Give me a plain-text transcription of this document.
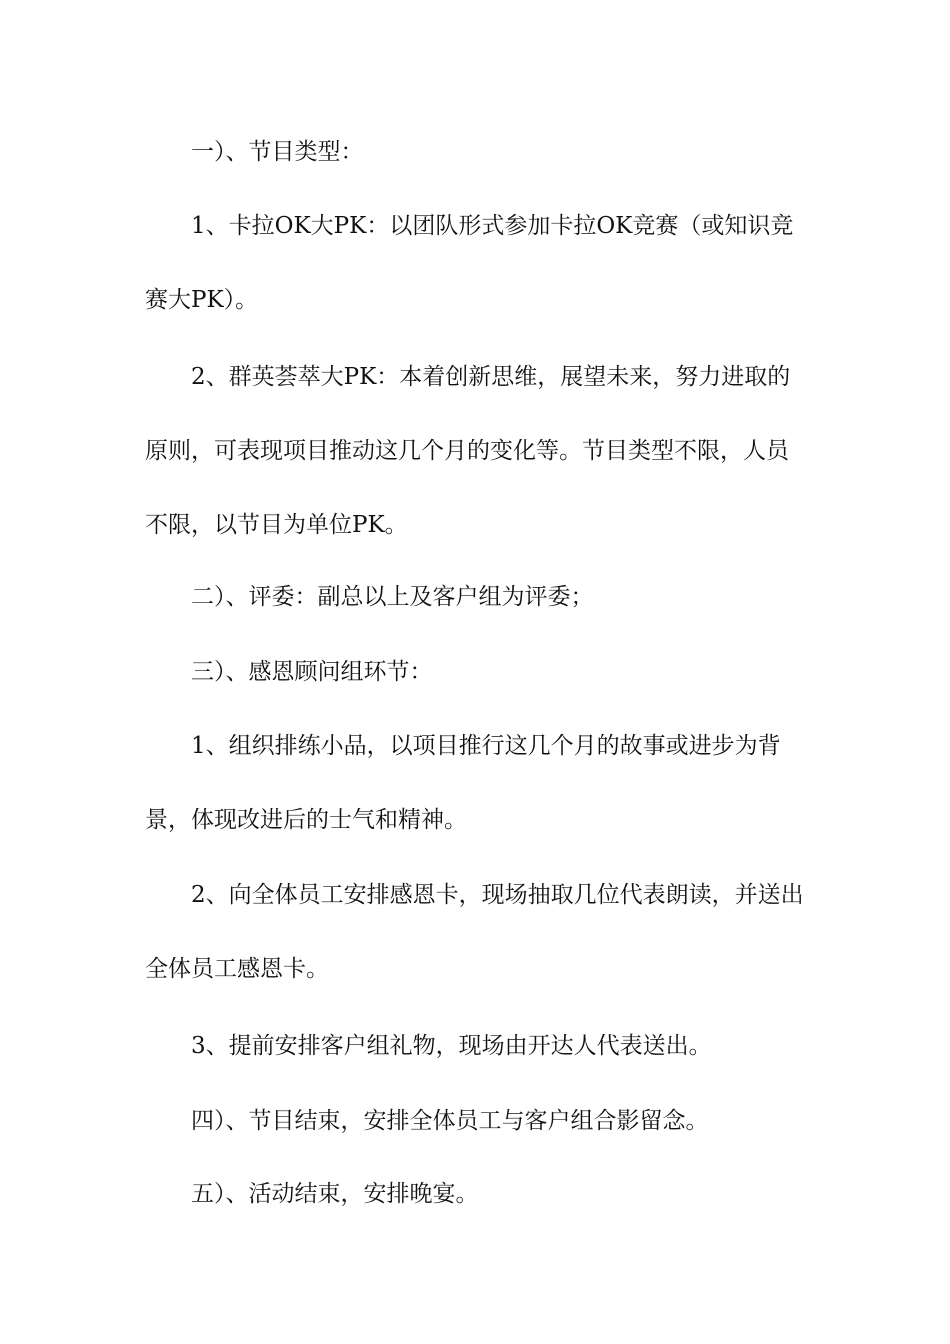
一）、节目类型：

1、卡拉OK大PK：以团队形式参加卡拉OK竞赛（或知识竞赛大PK）。

2、群英荟萃大PK：本着创新思维，展望未来，努力进取的原则，可表现项目推动这几个月的变化等。节目类型不限，人员不限，以节目为单位PK。

二）、评委：副总以上及客户组为评委；

三）、感恩顾问组环节：

1、组织排练小品，以项目推行这几个月的故事或进步为背景，体现改进后的士气和精神。

2、向全体员工安排感恩卡，现场抽取几位代表朗读，并送出全体员工感恩卡。

3、提前安排客户组礼物，现场由开达人代表送出。

四）、节目结束，安排全体员工与客户组合影留念。

五）、活动结束，安排晚宴。
